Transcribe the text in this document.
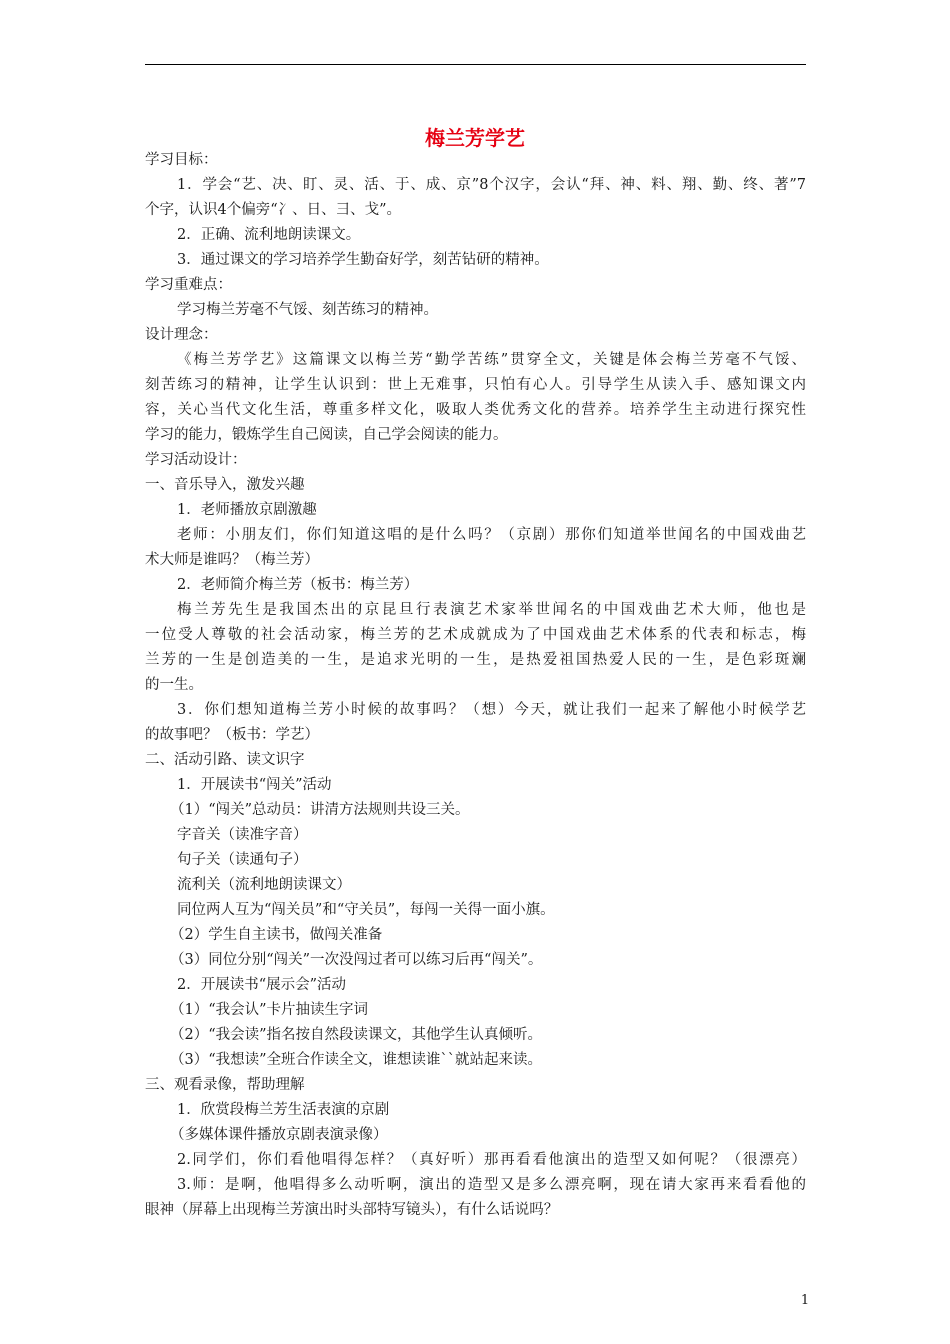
梅兰芳学艺
学习目标：
1．学会“艺、决、盯、灵、活、于、成、京”8个汉字，会认“拜、神、料、翔、勤、终、著”7
个字，认识4个偏旁“冫、日、彐、戈”。
2．正确、流利地朗读课文。
3．通过课文的学习培养学生勤奋好学，刻苦钻研的精神。
学习重难点：
学习梅兰芳毫不气馁、刻苦练习的精神。
设计理念：
《梅兰芳学艺》这篇课文以梅兰芳“勤学苦练”贯穿全文，关键是体会梅兰芳毫不气馁、
刻苦练习的精神，让学生认识到：世上无难事，只怕有心人。引导学生从读入手、感知课文内
容，关心当代文化生活，尊重多样文化，吸取人类优秀文化的营养。培养学生主动进行探究性
学习的能力，锻炼学生自己阅读，自己学会阅读的能力。
学习活动设计：
一、音乐导入，激发兴趣
1．老师播放京剧激趣
老师：小朋友们，你们知道这唱的是什么吗？（京剧）那你们知道举世闻名的中国戏曲艺
术大师是谁吗？（梅兰芳）
2．老师简介梅兰芳（板书：梅兰芳）
梅兰芳先生是我国杰出的京昆旦行表演艺术家举世闻名的中国戏曲艺术大师，他也是
一位受人尊敬的社会活动家，梅兰芳的艺术成就成为了中国戏曲艺术体系的代表和标志，梅
兰芳的一生是创造美的一生，是追求光明的一生，是热爱祖国热爱人民的一生，是色彩斑斓
的一生。
3．你们想知道梅兰芳小时候的故事吗？（想）今天，就让我们一起来了解他小时候学艺
的故事吧？（板书：学艺）
二、活动引路、读文识字
1．开展读书“闯关”活动
（1）“闯关”总动员：讲清方法规则共设三关。
字音关（读准字音）
句子关（读通句子）
流利关（流利地朗读课文）
同位两人互为“闯关员”和“守关员”，每闯一关得一面小旗。
（2）学生自主读书，做闯关准备
（3）同位分别“闯关”一次没闯过者可以练习后再“闯关”。
2．开展读书“展示会”活动
（1）“我会认”卡片抽读生字词
（2）“我会读”指名按自然段读课文，其他学生认真倾听。
（3）“我想读”全班合作读全文，谁想读谁``就站起来读。
三、观看录像，帮助理解
1．欣赏段梅兰芳生活表演的京剧
（多媒体课件播放京剧表演录像）
2.同学们，你们看他唱得怎样？（真好听）那再看看他演出的造型又如何呢？（很漂亮）
3.师：是啊，他唱得多么动听啊，演出的造型又是多么漂亮啊，现在请大家再来看看他的
眼神（屏幕上出现梅兰芳演出时头部特写镜头），有什么话说吗？
1
